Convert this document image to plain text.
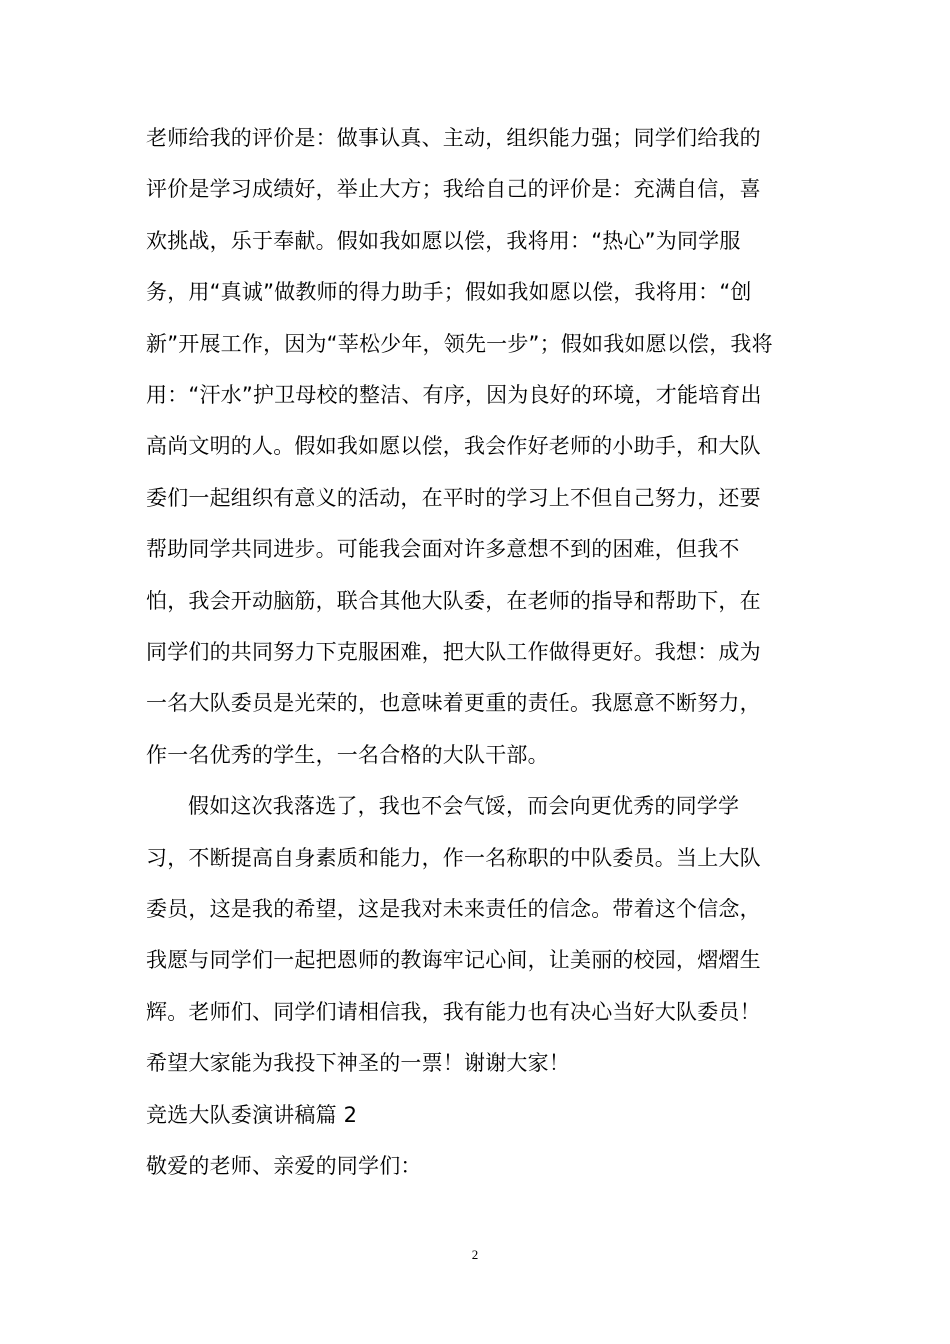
老师给我的评价是：做事认真、主动，组织能力强；同学们给我的
评价是学习成绩好，举止大方；我给自己的评价是：充满自信，喜
欢挑战，乐于奉献。假如我如愿以偿，我将用：“热心”为同学服
务，用“真诚”做教师的得力助手；假如我如愿以偿，我将用：“创
新”开展工作，因为“莘松少年，领先一步”；假如我如愿以偿，我将
用：“汗水”护卫母校的整洁、有序，因为良好的环境，才能培育出
高尚文明的人。假如我如愿以偿，我会作好老师的小助手，和大队
委们一起组织有意义的活动，在平时的学习上不但自己努力，还要
帮助同学共同进步。可能我会面对许多意想不到的困难，但我不
怕，我会开动脑筋，联合其他大队委，在老师的指导和帮助下，在
同学们的共同努力下克服困难，把大队工作做得更好。我想：成为
一名大队委员是光荣的，也意味着更重的责任。我愿意不断努力，
作一名优秀的学生，一名合格的大队干部。
假如这次我落选了，我也不会气馁，而会向更优秀的同学学
习，不断提高自身素质和能力，作一名称职的中队委员。当上大队
委员，这是我的希望，这是我对未来责任的信念。带着这个信念，
我愿与同学们一起把恩师的教诲牢记心间，让美丽的校园，熠熠生
辉。老师们、同学们请相信我，我有能力也有决心当好大队委员！
希望大家能为我投下神圣的一票！谢谢大家！
竞选大队委演讲稿篇 2
敬爱的老师、亲爱的同学们：
2
